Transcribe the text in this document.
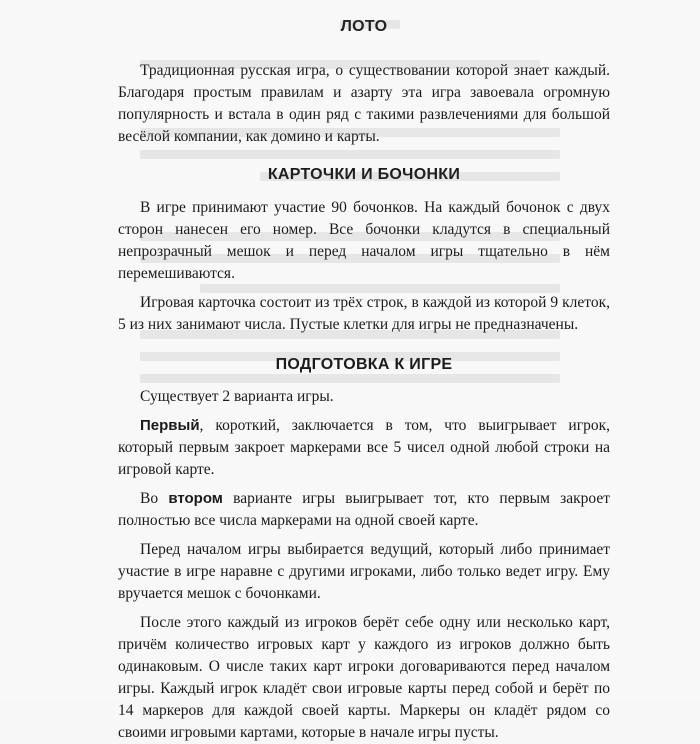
ЛОТО

Традиционная русская игра, о существовании которой знает каждый. Благодаря простым правилам и азарту эта игра завоевала огромную популярность и встала в один ряд с такими развлечениями для большой весёлой компании, как домино и карты.

КАРТОЧКИ И БОЧОНКИ

В игре принимают участие 90 бочонков. На каждый бочонок с двух сторон нанесен его номер. Все бочонки кладутся в специальный непрозрачный мешок и перед началом игры тщательно в нём перемешиваются.

Игровая карточка состоит из трёх строк, в каждой из которой 9 клеток, 5 из них занимают числа. Пустые клетки для игры не предназначены.

ПОДГОТОВКА К ИГРЕ

Существует 2 варианта игры.

Первый, короткий, заключается в том, что выигрывает игрок, который первым закроет маркерами все 5 чисел одной любой строки на игровой карте.

Во втором варианте игры выигрывает тот, кто первым закроет полностью все числа маркерами на одной своей карте.

Перед началом игры выбирается ведущий, который либо принимает участие в игре наравне с другими игроками, либо только ведет игру. Ему вручается мешок с бочонками.

После этого каждый из игроков берёт себе одну или несколько карт, причём количество игровых карт у каждого из игроков должно быть одинаковым. О числе таких карт игроки договариваются перед началом игры. Каждый игрок кладёт свои игровые карты перед собой и берёт по 14 маркеров для каждой своей карты. Маркеры он кладёт рядом со своими игровыми картами, которые в начале игры пусты.
